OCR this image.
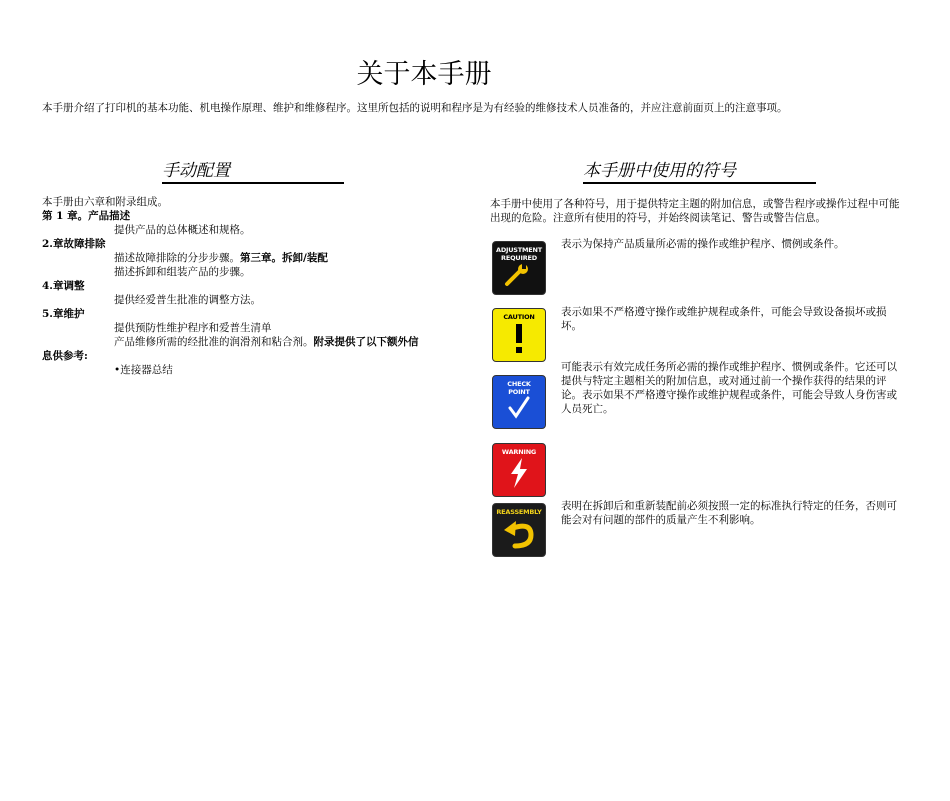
关于本手册
本手册介绍了打印机的基本功能、机电操作原理、维护和维修程序。这里所包括的说明和程序是为有经验的维修技术人员准备的，并应注意前面页上的注意事项。
手动配置	本手册中使用的符号
本手册由六章和附录组成。
第 1 章。产品描述
提供产品的总体概述和规格。
2.章故障排除
描述故障排除的分步步骤。第三章。拆卸/装配
描述拆卸和组装产品的步骤。
4.章调整
提供经爱普生批准的调整方法。
5.章维护
提供预防性维护程序和爱普生清单
产品维修所需的经批准的润滑剂和粘合剂。附录提供了以下额外信
息供参考:
•连接器总结
本手册中使用了各种符号，用于提供特定主题的附加信息，或警告程序或操作过程中可能出现的危险。注意所有使用的符号，并始终阅读笔记、警告或警告信息。
ADJUSTMENT
REQUIRED
CAUTION
CHECK
POINT
WARNING
REASSEMBLY
表示为保持产品质量所必需的操作或维护程序、惯例或条件。
表示如果不严格遵守操作或维护规程或条件，可能会导致设备损坏或损坏。
可能表示有效完成任务所必需的操作或维护程序、惯例或条件。它还可以提供与特定主题相关的附加信息，或对通过前一个操作获得的结果的评论。表示如果不严格遵守操作或维护规程或条件，可能会导致人身伤害或人员死亡。
表明在拆卸后和重新装配前必须按照一定的标准执行特定的任务，否则可能会对有问题的部件的质量产生不利影响。
